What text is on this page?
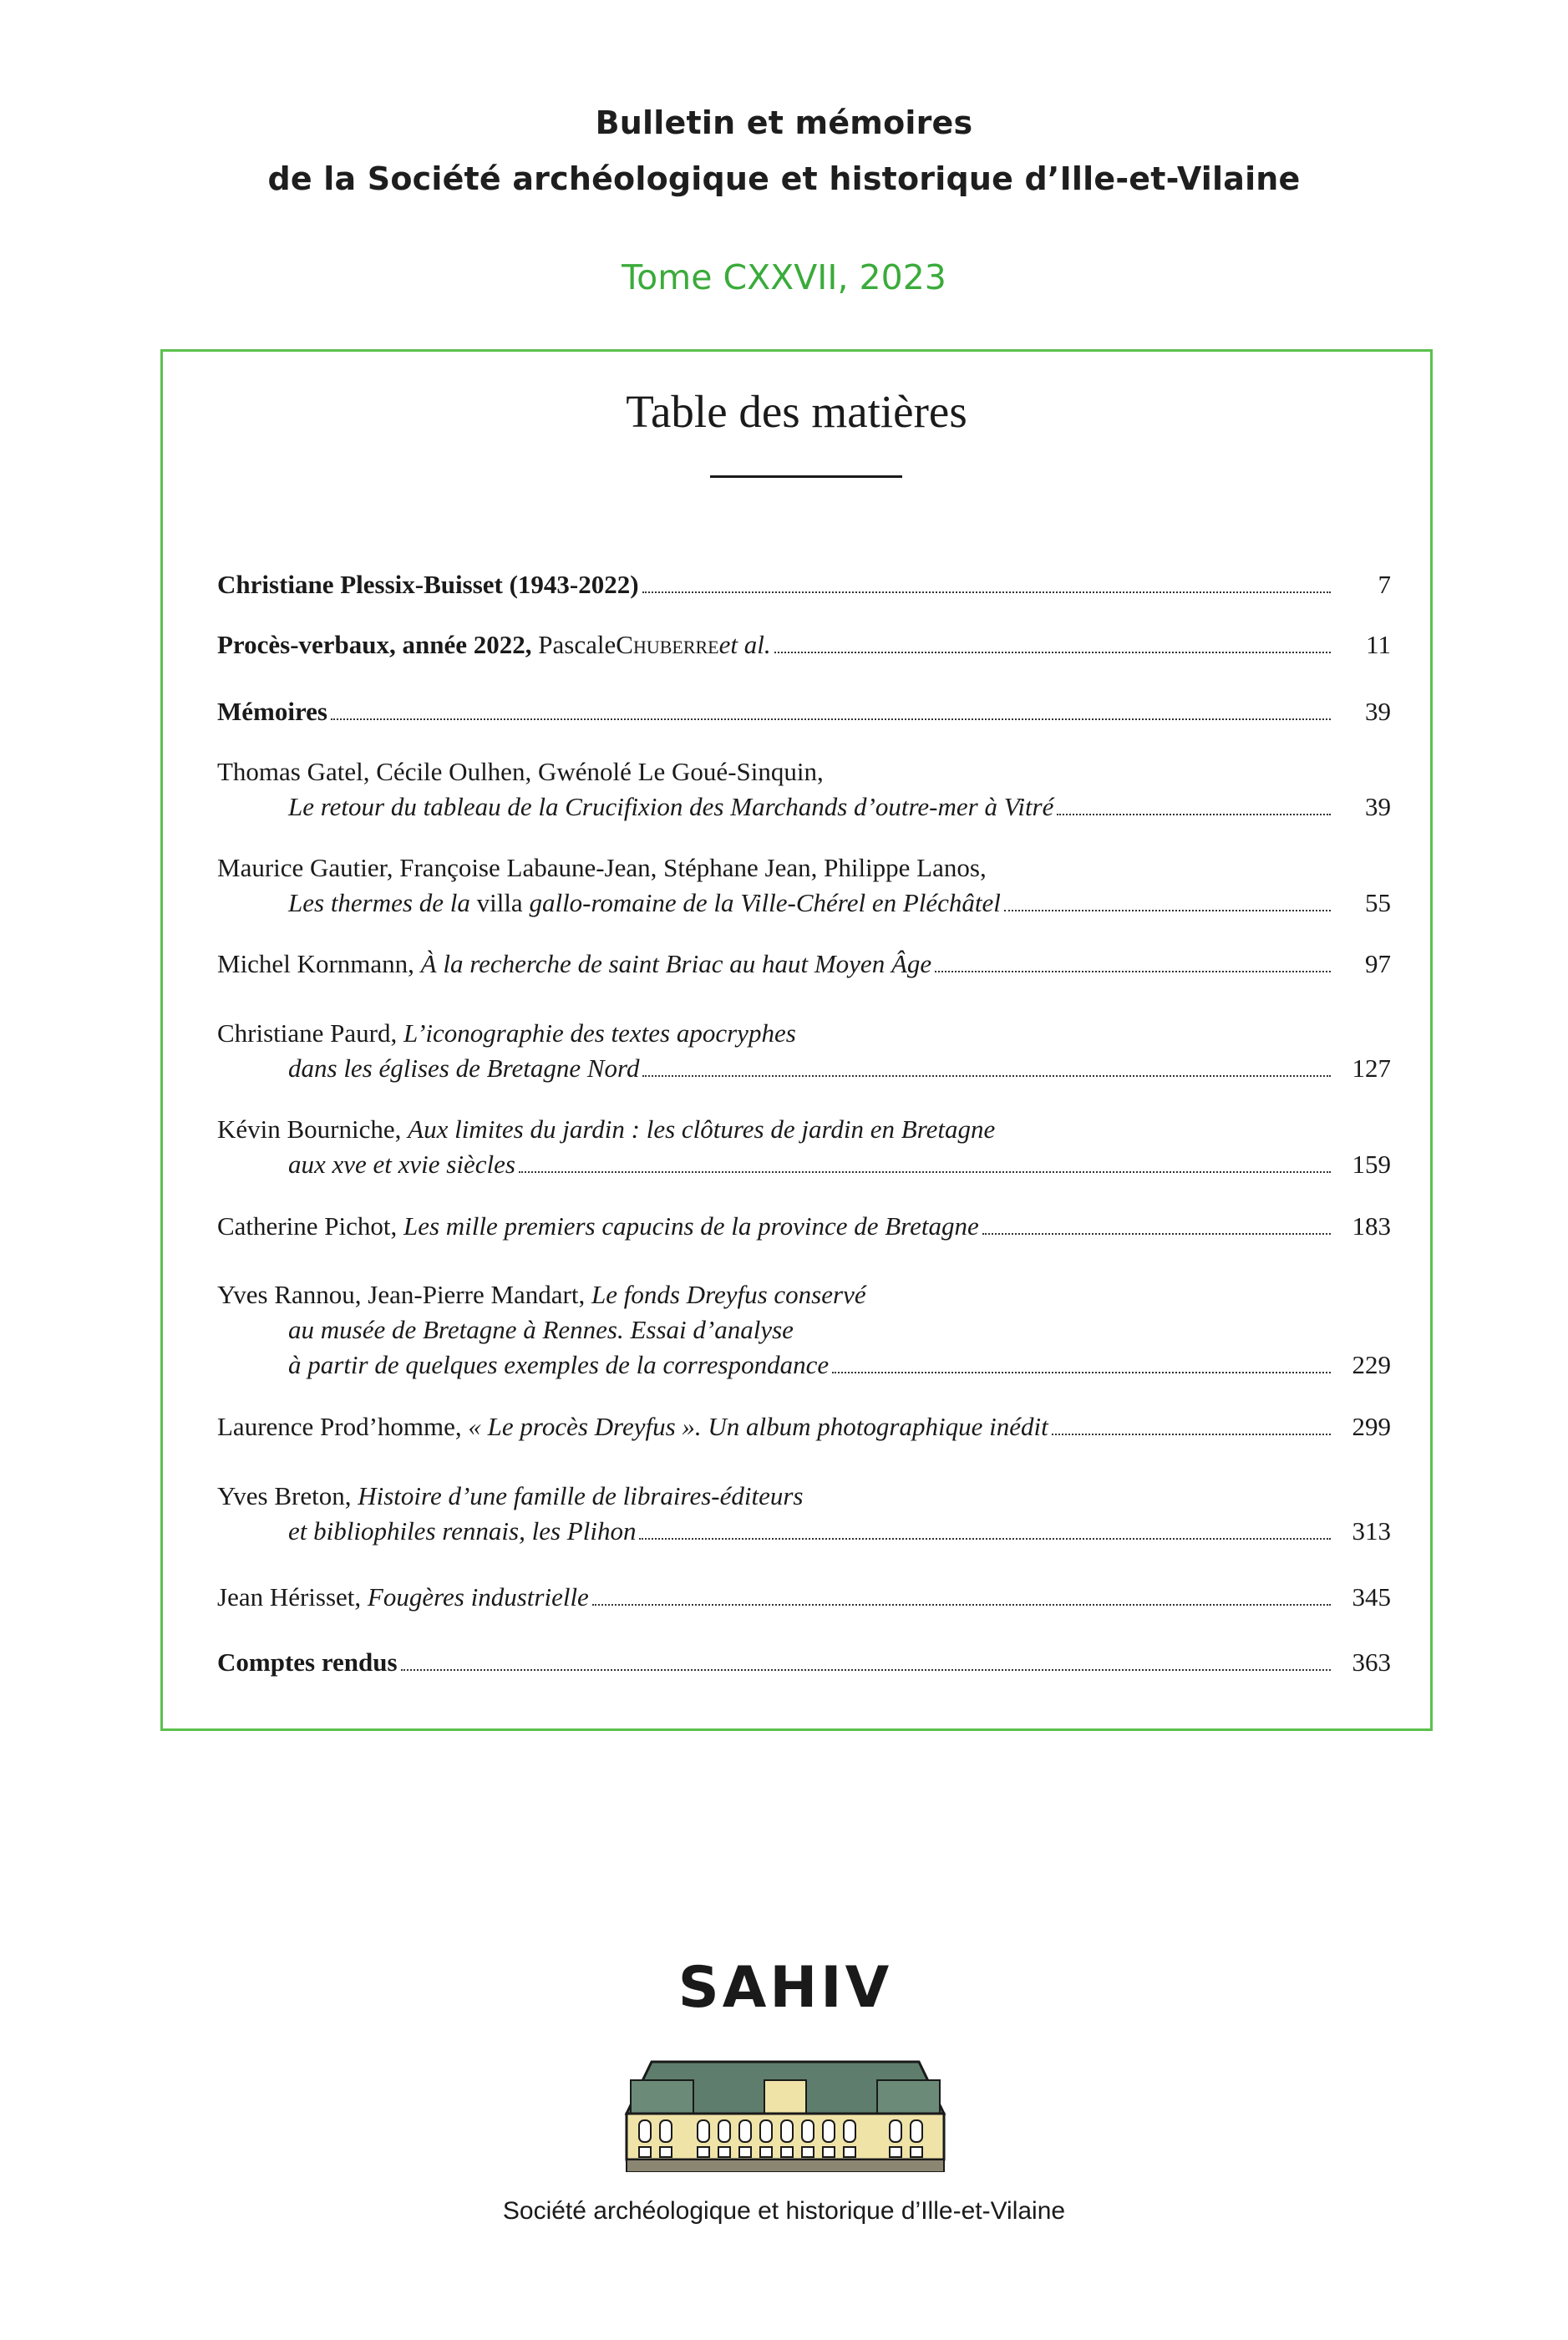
Bulletin et mémoires
de la Société archéologique et historique d’Ille-et-Vilaine
Tome CXXVII, 2023
Table des matières
Christiane Plessix-Buisset (1943-2022)	7
Procès-verbaux, année 2022,
Pascale Chuberre et al.	11
Mémoires	39
Thomas Gatel, Cécile Oulhen, Gwénolé Le Goué-Sinquin,
Le retour du tableau de la Crucifixion des Marchands d’outre-mer à Vitré	39
Maurice Gautier, Françoise Labaune-Jean, Stéphane Jean, Philippe Lanos,
Les thermes de la villa gallo-romaine de la Ville-Chérel en Pléchâtel	55
Michel Kornmann,
À la recherche de saint Briac au haut Moyen Âge	97
Christiane Paurd,
L’iconographie des textes apocryphes
dans les églises de Bretagne Nord	127
Kévin Bourniche,
Aux limites du jardin : les clôtures de jardin en Bretagne
aux xve et xvie siècles	159
Catherine Pichot,
Les mille premiers capucins de la province de Bretagne	183
Yves Rannou, Jean-Pierre Mandart,
Le fonds Dreyfus conservé
au musée de Bretagne à Rennes. Essai d’analyse
à partir de quelques exemples de la correspondance	229
Laurence Prod’homme,
« Le procès Dreyfus ». Un album photographique inédit	299
Yves Breton,
Histoire d’une famille de libraires-éditeurs
et bibliophiles rennais, les Plihon	313
Jean Hérisset,
Fougères industrielle	345
Comptes rendus	363
SAHIV
Société archéologique et historique d’Ille-et-Vilaine
